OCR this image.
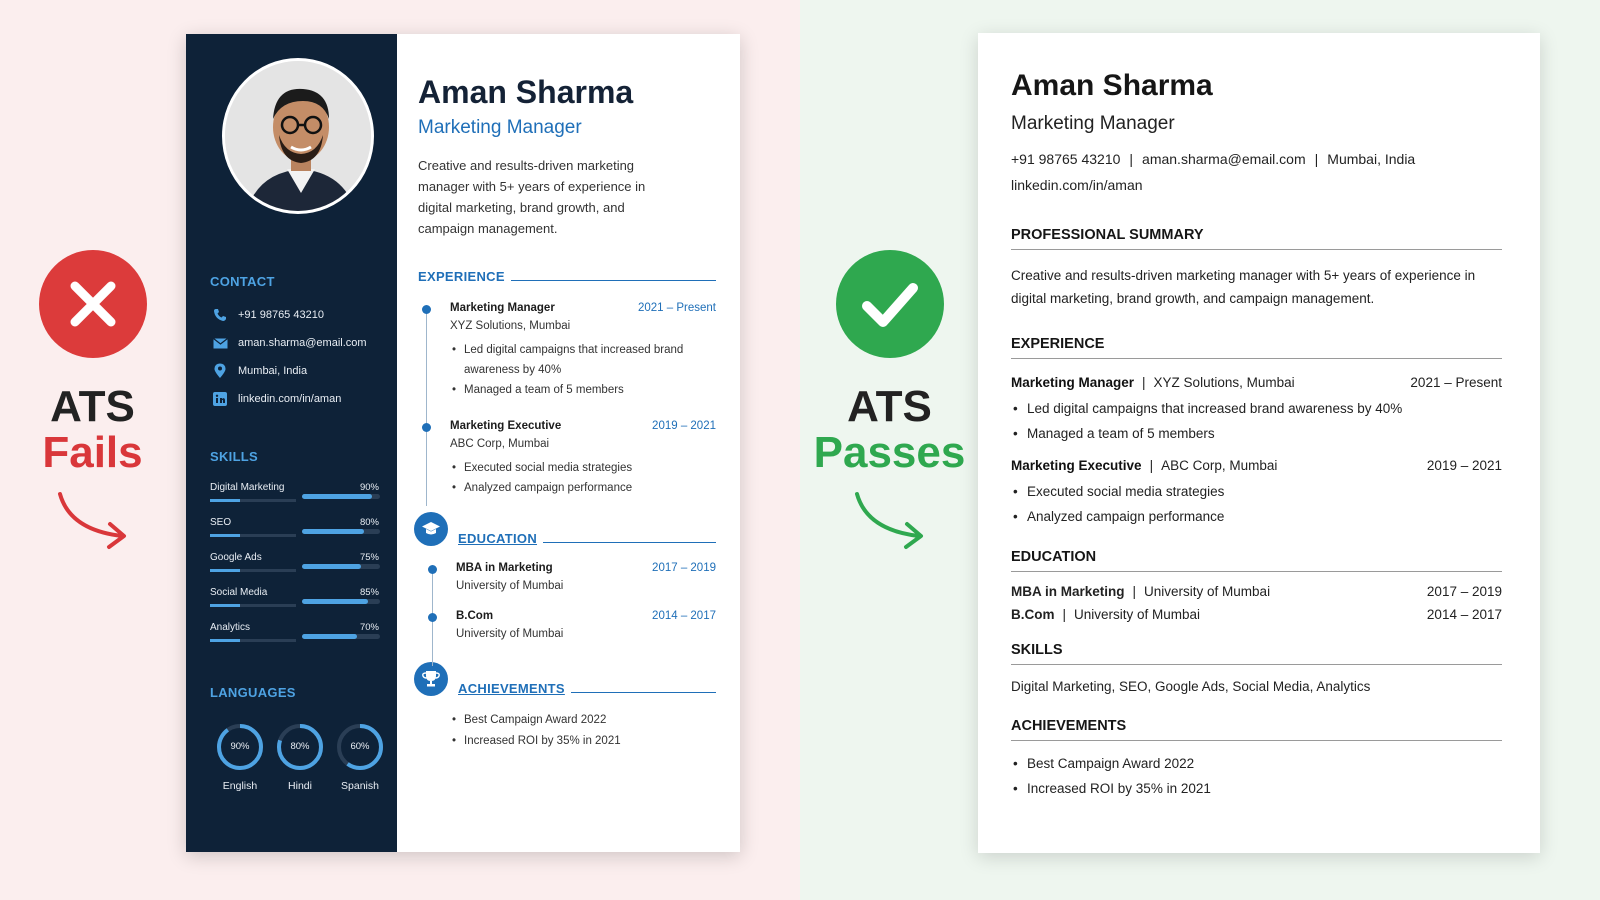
ATS
Fails
ATS
Passes
CONTACT
+91 98765 43210
aman.sharma@email.com
Mumbai, India
linkedin.com/in/aman
SKILLS
Digital Marketing	90%
SEO	80%
Google Ads	75%
Social Media	85%
Analytics	70%
LANGUAGES
90%
English
80%
Hindi
60%
Spanish
Aman Sharma
Marketing Manager
Creative and results-driven marketing manager with 5+ years of experience in digital marketing, brand growth, and campaign management.
EXPERIENCE
Marketing Manager	2021 – Present
XYZ Solutions, Mumbai
• Led digital campaigns that increased brand awareness by 40%
• Managed a team of 5 members
Marketing Executive	2019 – 2021
ABC Corp, Mumbai
• Executed social media strategies
• Analyzed campaign performance
EDUCATION
MBA in Marketing	2017 – 2019
University of Mumbai
B.Com	2014 – 2017
University of Mumbai
ACHIEVEMENTS
• Best Campaign Award 2022
• Increased ROI by 35% in 2021
Aman Sharma
Marketing Manager
+91 98765 43210 | aman.sharma@email.com | Mumbai, India
linkedin.com/in/aman
PROFESSIONAL SUMMARY
Creative and results-driven marketing manager with 5+ years of experience in digital marketing, brand growth, and campaign management.
EXPERIENCE
Marketing Manager | XYZ Solutions, Mumbai	2021 – Present
• Led digital campaigns that increased brand awareness by 40%
• Managed a team of 5 members
Marketing Executive | ABC Corp, Mumbai	2019 – 2021
• Executed social media strategies
• Analyzed campaign performance
EDUCATION
MBA in Marketing | University of Mumbai	2017 – 2019
B.Com | University of Mumbai	2014 – 2017
SKILLS
Digital Marketing, SEO, Google Ads, Social Media, Analytics
ACHIEVEMENTS
• Best Campaign Award 2022
• Increased ROI by 35% in 2021
